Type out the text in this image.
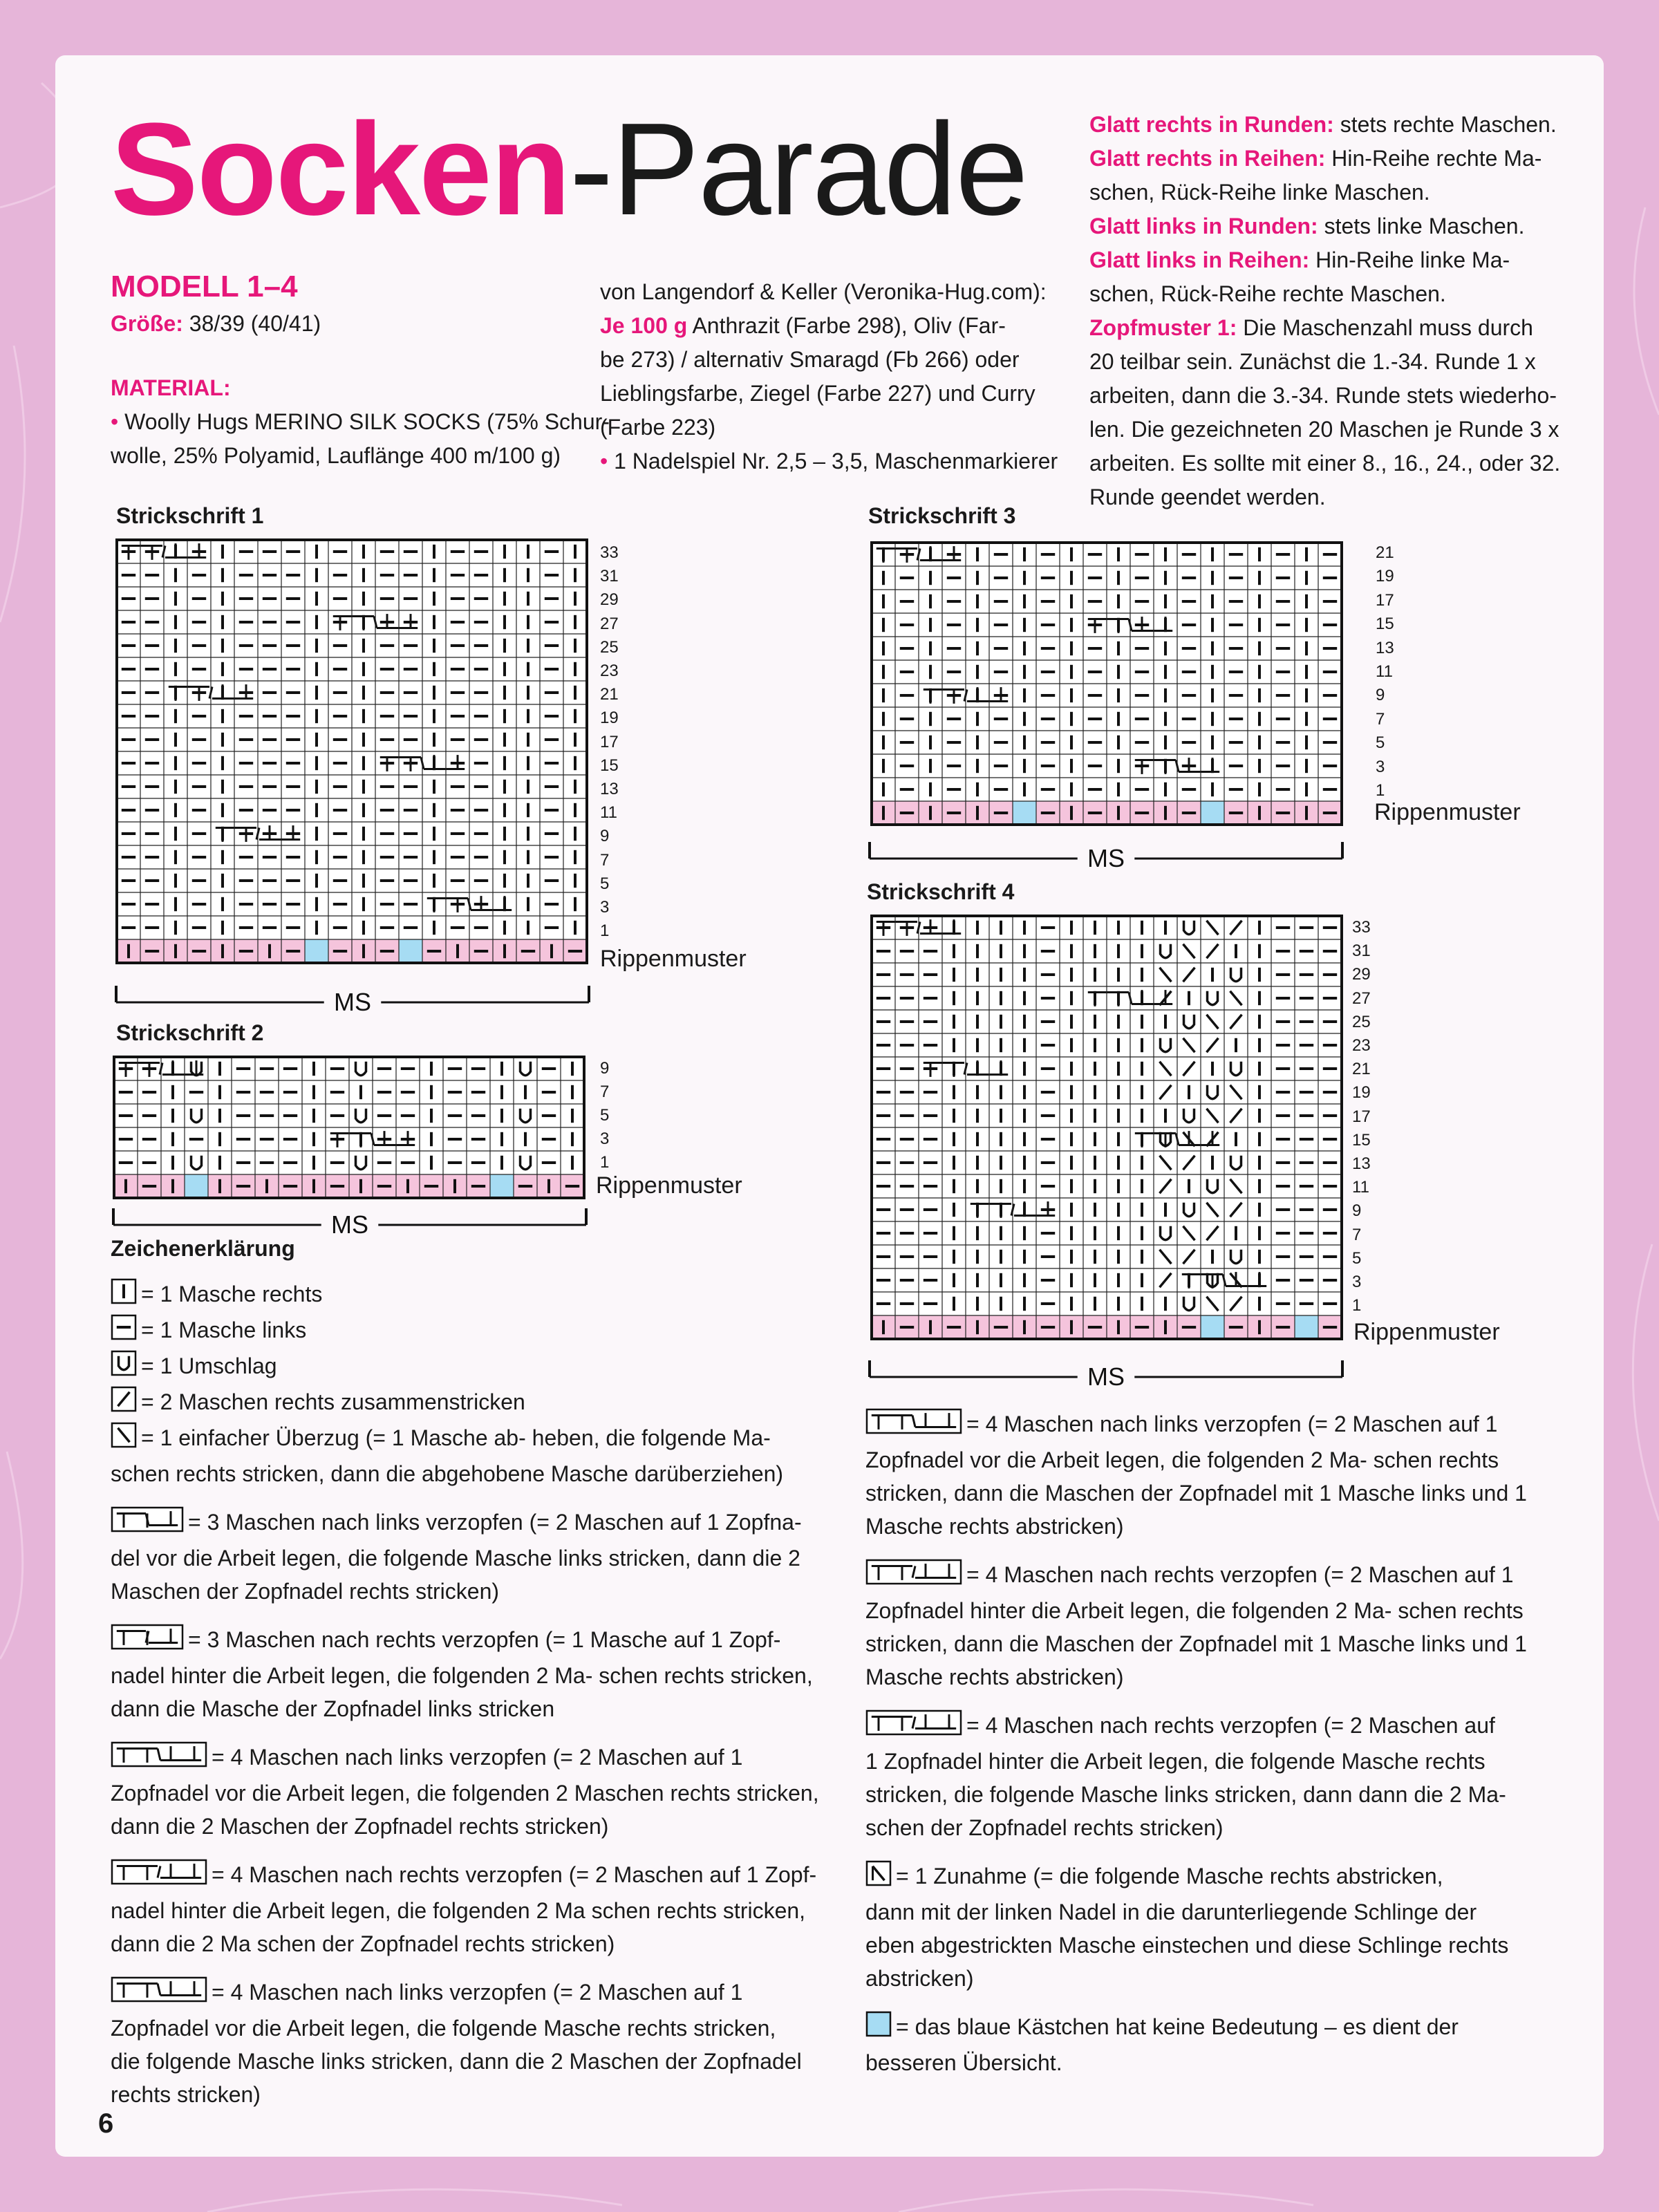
Socken-Parade
MODELL 1–4
Größe: 38/39 (40/41)
MATERIAL:
• Woolly Hugs MERINO SILK SOCKS (75% Schur-
wolle, 25% Polyamid, Lauflänge 400 m/100 g)
von Langendorf & Keller (Veronika-Hug.com):
Je 100 g Anthrazit (Farbe 298), Oliv (Far-
be 273) / alternativ Smaragd (Fb 266) oder
Lieblingsfarbe, Ziegel (Farbe 227) und Curry
(Farbe 223)
• 1 Nadelspiel Nr. 2,5 – 3,5, Maschenmarkierer
Glatt rechts in Runden: stets rechte Maschen.
Glatt rechts in Reihen: Hin-Reihe rechte Ma-
schen, Rück-Reihe linke Maschen.
Glatt links in Runden: stets linke Maschen.
Glatt links in Reihen: Hin-Reihe linke Ma-
schen, Rück-Reihe rechte Maschen.
Zopfmuster 1: Die Maschenzahl muss durch
20 teilbar sein. Zunächst die 1.-34. Runde 1 x
arbeiten, dann die 3.-34. Runde stets wiederho-
len. Die gezeichneten 20 Maschen je Runde 3 x
arbeiten. Es sollte mit einer 8., 16., 24., oder 32.
Runde geendet werden.
Strickschrift 1
33
31
29
27
25
23
21
19
17
15
13
11
9
7
5
3
1
Rippenmuster
MS
Strickschrift 2
9
7
5
3
1
Rippenmuster
MS
Strickschrift 3
21
19
17
15
13
11
9
7
5
3
1
Rippenmuster
MS
Strickschrift 4
33
31
29
27
25
23
21
19
17
15
13
11
9
7
5
3
1
Rippenmuster
MS
Zeichenerklärung
= 1 Masche rechts
= 1 Masche links
= 1 Umschlag
= 2 Maschen rechts zusammenstricken
= 1 einfacher Überzug (= 1 Masche ab- heben, die folgende Ma-
schen rechts stricken, dann die abgehobene Masche darüberziehen)
= 3 Maschen nach links verzopfen (= 2 Maschen auf 1 Zopfna-
del vor die Arbeit legen, die folgende Masche links stricken, dann die 2
Maschen der Zopfnadel rechts stricken)
= 3 Maschen nach rechts verzopfen (= 1 Masche auf 1 Zopf-
nadel hinter die Arbeit legen, die folgenden 2 Ma- schen rechts stricken,
dann die Masche der Zopfnadel links stricken
= 4 Maschen nach links verzopfen (= 2 Maschen auf 1
Zopfnadel vor die Arbeit legen, die folgenden 2 Maschen rechts stricken,
dann die 2 Maschen der Zopfnadel rechts stricken)
= 4 Maschen nach rechts verzopfen (= 2 Maschen auf 1 Zopf-
nadel hinter die Arbeit legen, die folgenden 2 Ma schen rechts stricken,
dann die 2 Ma schen der Zopfnadel rechts stricken)
= 4 Maschen nach links verzopfen (= 2 Maschen auf 1
Zopfnadel vor die Arbeit legen, die folgende Masche rechts stricken,
die folgende Masche links stricken, dann die 2 Maschen der Zopfnadel
rechts stricken)
= 4 Maschen nach links verzopfen (= 2 Maschen auf 1
Zopfnadel vor die Arbeit legen, die folgenden 2 Ma- schen rechts
stricken, dann die Maschen der Zopfnadel mit 1 Masche links und 1
Masche rechts abstricken)
= 4 Maschen nach rechts verzopfen (= 2 Maschen auf 1
Zopfnadel hinter die Arbeit legen, die folgenden 2 Ma- schen rechts
stricken, dann die Maschen der Zopfnadel mit 1 Masche links und 1
Masche rechts abstricken)
= 4 Maschen nach rechts verzopfen (= 2 Maschen auf
1 Zopfnadel hinter die Arbeit legen, die folgende Masche rechts
stricken, die folgende Masche links stricken, dann dann die 2 Ma-
schen der Zopfnadel rechts stricken)
= 1 Zunahme (= die folgende Masche rechts abstricken,
dann mit der linken Nadel in die darunterliegende Schlinge der
eben abgestrickten Masche einstechen und diese Schlinge rechts
abstricken)
= das blaue Kästchen hat keine Bedeutung – es dient der
besseren Übersicht.
6
